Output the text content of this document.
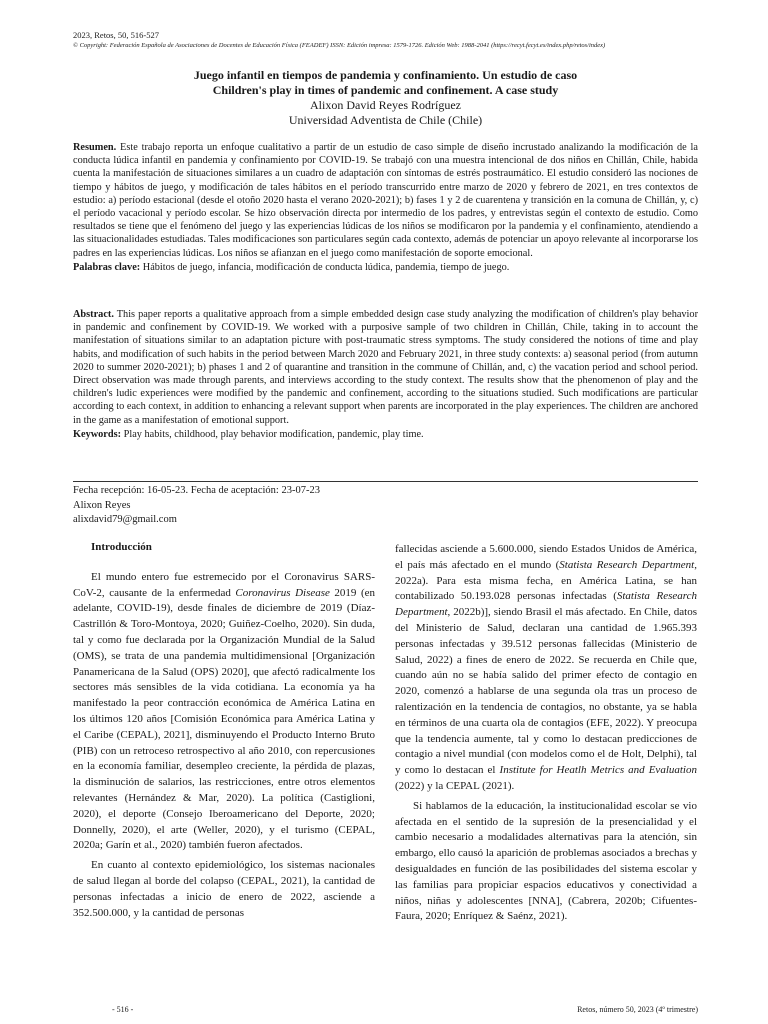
2023, Retos, 50, 516-527
© Copyright: Federación Española de Asociaciones de Docentes de Educación Física (FEADEF) ISSN: Edición impresa: 1579-1726. Edición Web: 1988-2041 (https://recyt.fecyt.es/index.php/retos/index)
Juego infantil en tiempos de pandemia y confinamiento. Un estudio de caso
Children's play in times of pandemic and confinement. A case study
Alixon David Reyes Rodríguez
Universidad Adventista de Chile (Chile)
Resumen. Este trabajo reporta un enfoque cualitativo a partir de un estudio de caso simple de diseño incrustado analizando la modificación de la conducta lúdica infantil en pandemia y confinamiento por COVID-19. Se trabajó con una muestra intencional de dos niños en Chillán, Chile, habida cuenta la manifestación de situaciones similares a un cuadro de adaptación con síntomas de estrés postraumático. El estudio consideró las nociones de tiempo y hábitos de juego, y modificación de tales hábitos en el período transcurrido entre marzo de 2020 y febrero de 2021, en tres contextos de estudio: a) período estacional (desde el otoño 2020 hasta el verano 2020-2021); b) fases 1 y 2 de cuarentena y transición en la comuna de Chillán, y, c) el período vacacional y período escolar. Se hizo observación directa por intermedio de los padres, y entrevistas según el contexto de estudio. Como resultados se tiene que el fenómeno del juego y las experiencias lúdicas de los niños se modificaron por la pandemia y el confinamiento, atendiendo a las situacionalidades estudiadas. Tales modificaciones son particulares según cada contexto, además de potenciar un apoyo relevante al incorporarse los padres en las experiencias lúdicas. Los niños se afianzan en el juego como manifestación de soporte emocional.
Palabras clave: Hábitos de juego, infancia, modificación de conducta lúdica, pandemia, tiempo de juego.
Abstract. This paper reports a qualitative approach from a simple embedded design case study analyzing the modification of children's play behavior in pandemic and confinement by COVID-19. We worked with a purposive sample of two children in Chillán, Chile, taking in to account the manifestation of situations similar to an adaptation picture with post-traumatic stress symptoms. The study considered the notions of time and play habits, and modification of such habits in the period between March 2020 and February 2021, in three study contexts: a) seasonal period (from autumn 2020 to summer 2020-2021); b) phases 1 and 2 of quarantine and transition in the commune of Chillán, and, c) the vacation period and school period. Direct observation was made through parents, and interviews according to the study context. The results show that the phenomenon of play and the children's ludic experiences were modified by the pandemic and confinement, according to the situations studied. Such modifications are particular according to each context, in addition to enhancing a relevant support when parents are incorporated in the play experiences. The children are anchored in the game as a manifestation of emotional support.
Keywords: Play habits, childhood, play behavior modification, pandemic, play time.
Fecha recepción: 16-05-23. Fecha de aceptación: 23-07-23
Alixon Reyes
alixdavid79@gmail.com
Introducción

El mundo entero fue estremecido por el Coronavirus SARS-CoV-2, causante de la enfermedad Coronavirus Disease 2019 (en adelante, COVID-19), desde finales de diciembre de 2019 (Díaz-Castrillón & Toro-Montoya, 2020; Guiñez-Coelho, 2020). Sin duda, tal y como fue declarada por la Organización Mundial de la Salud (OMS), se trata de una pandemia multidimensional [Organización Panamericana de la Salud (OPS) 2020], que afectó radicalmente los sectores más sensibles de la vida cotidiana. La economía ya ha manifestado la peor contracción económica de América Latina en los últimos 120 años [Comisión Económica para América Latina y el Caribe (CEPAL), 2021], disminuyendo el Producto Interno Bruto (PIB) con un retroceso retrospectivo al año 2010, con repercusiones en la economía familiar, desempleo creciente, la pérdida de plazas, la disminución de salarios, las restricciones, entre otros elementos relevantes (Hernández & Mar, 2020). La política (Castiglioni, 2020), el deporte (Consejo Iberoamericano del Deporte, 2020; Donnelly, 2020), el arte (Weller, 2020), y el turismo (CEPAL, 2020a; Garín et al., 2020) también fueron afectados.

En cuanto al contexto epidemiológico, los sistemas nacionales de salud llegan al borde del colapso (CEPAL, 2021), la cantidad de personas infectadas a inicio de enero de 2022, asciende a 352.500.000, y la cantidad de personas

fallecidas asciende a 5.600.000, siendo Estados Unidos de América, el país más afectado en el mundo (Statista Research Department, 2022a). Para esta misma fecha, en América Latina, se han contabilizado 50.193.028 personas infectadas (Statista Research Department, 2022b)], siendo Brasil el más afectado. En Chile, datos del Ministerio de Salud, declaran una cantidad de 1.965.393 personas infectadas y 39.512 personas fallecidas (Ministerio de Salud, 2022) a fines de enero de 2022. Se recuerda en Chile que, cuando aún no se había salido del primer efecto de contagio en 2020, comenzó a hablarse de una segunda ola tras un proceso de ralentización en la tendencia de contagios, no obstante, ya se habla en términos de una cuarta ola de contagios (EFE, 2022). Y preocupa que la tendencia aumente, tal y como lo destacan predicciones de contagio a nivel mundial (con modelos como el de Holt, Delphi), tal y como lo destacan el Institute for Heatlh Metrics and Evaluation (2022) y la CEPAL (2021).

Si hablamos de la educación, la institucionalidad escolar se vio afectada en el sentido de la supresión de la presencialidad y el cambio necesario a modalidades alternativas para la atención, sin embargo, ello causó la aparición de problemas asociados a brechas y desigualdades en función de las posibilidades del sistema escolar y las familias para propiciar espacios educativos y conectividad a niños, niñas y adolescentes [NNA], (Cabrera, 2020b; Cifuentes-Faura, 2020; Enríquez & Saénz, 2021).

- 516 -	Retos, número 50, 2023 (4º trimestre)
